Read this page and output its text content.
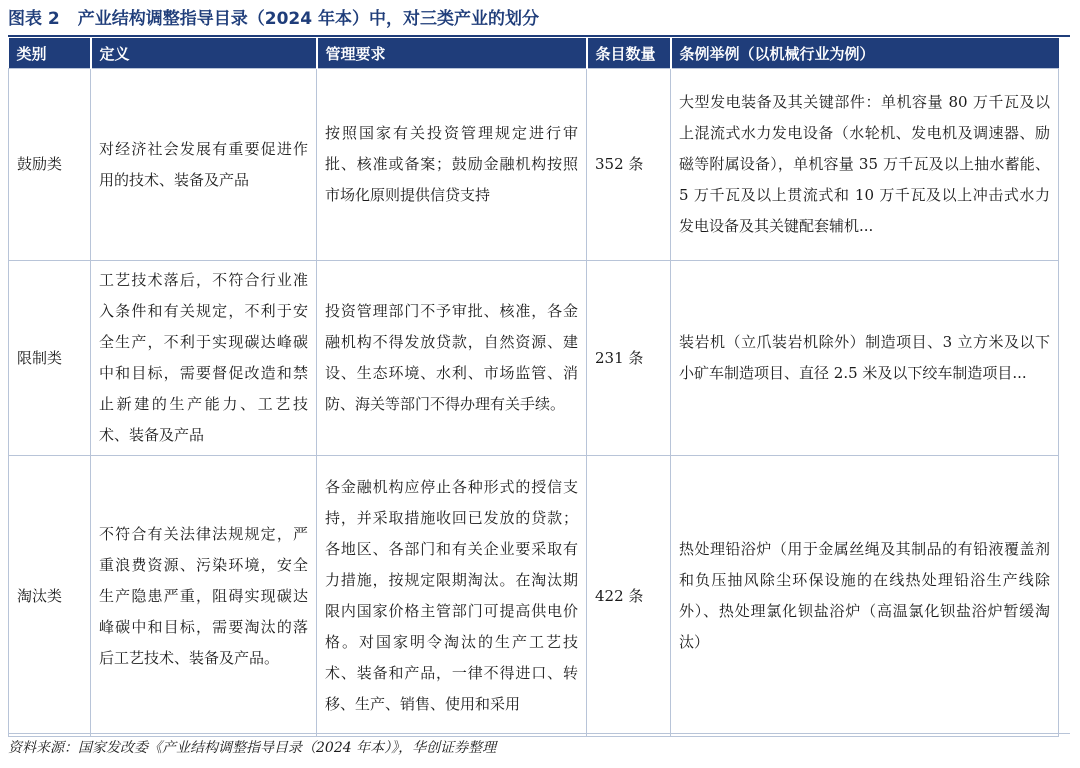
图表 2 产业结构调整指导目录（2024 年本）中，对三类产业的划分
类别	定义	管理要求	条目数量	条例举例（以机械行业为例）
鼓励类	对经济社会发展有重要促进作用的技术、装备及产品	按照国家有关投资管理规定进行审批、核准或备案；鼓励金融机构按照市场化原则提供信贷支持	352 条	大型发电装备及其关键部件：单机容量 80 万千瓦及以上混流式水力发电设备（水轮机、发电机及调速器、励磁等附属设备），单机容量 35 万千瓦及以上抽水蓄能、5 万千瓦及以上贯流式和 10 万千瓦及以上冲击式水力发电设备及其关键配套辅机...
限制类	工艺技术落后，不符合行业准入条件和有关规定，不利于安全生产，不利于实现碳达峰碳中和目标，需要督促改造和禁止新建的生产能力、工艺技术、装备及产品	投资管理部门不予审批、核准，各金融机构不得发放贷款，自然资源、建设、生态环境、水利、市场监管、消防、海关等部门不得办理有关手续。	231 条	装岩机（立爪装岩机除外）制造项目、3 立方米及以下小矿车制造项目、直径 2.5 米及以下绞车制造项目...
淘汰类	不符合有关法律法规规定，严重浪费资源、污染环境，安全生产隐患严重，阻碍实现碳达峰碳中和目标，需要淘汰的落后工艺技术、装备及产品。	各金融机构应停止各种形式的授信支持，并采取措施收回已发放的贷款；各地区、各部门和有关企业要采取有力措施，按规定限期淘汰。在淘汰期限内国家价格主管部门可提高供电价格。对国家明令淘汰的生产工艺技术、装备和产品，一律不得进口、转移、生产、销售、使用和采用	422 条	热处理铅浴炉（用于金属丝绳及其制品的有铅液覆盖剂和负压抽风除尘环保设施的在线热处理铅浴生产线除外）、热处理氯化钡盐浴炉（高温氯化钡盐浴炉暂缓淘汰）
资料来源：国家发改委《产业结构调整指导目录（2024 年本）》，华创证券整理
